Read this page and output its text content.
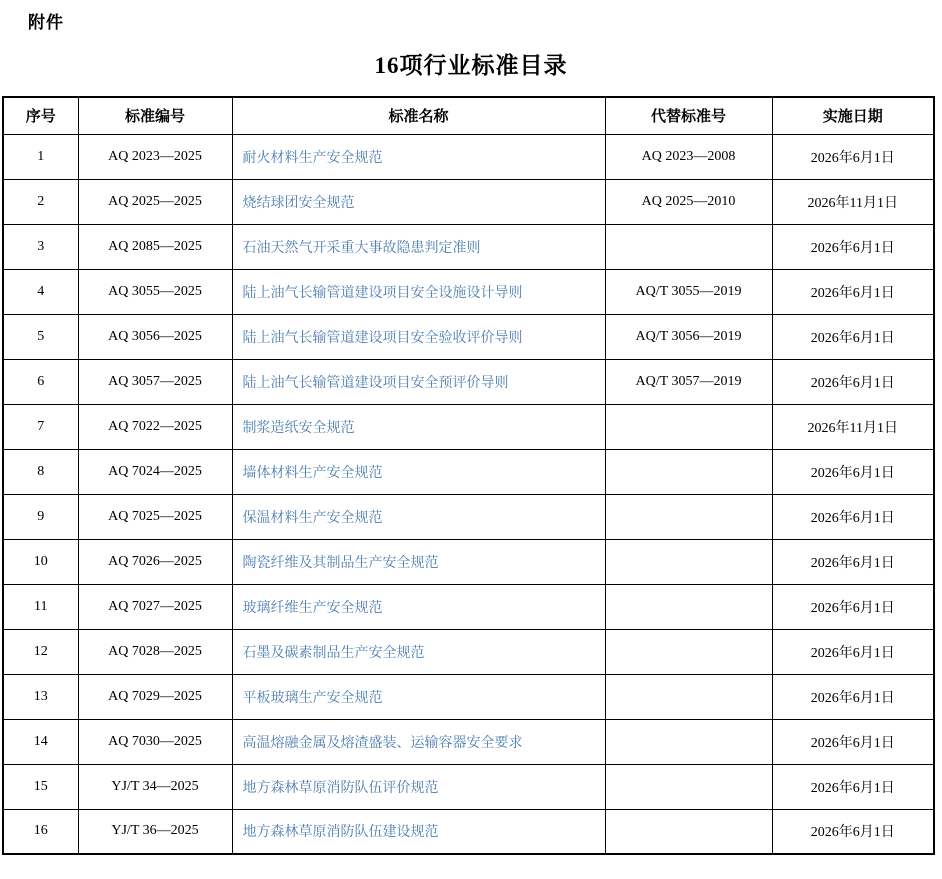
附件
16项行业标准目录
序号	标准编号	标准名称	代替标准号	实施日期
1	AQ 2023—2025	耐火材料生产安全规范	AQ 2023—2008	2026年6月1日
2	AQ 2025—2025	烧结球团安全规范	AQ 2025—2010	2026年11月1日
3	AQ 2085—2025	石油天然气开采重大事故隐患判定准则		2026年6月1日
4	AQ 3055—2025	陆上油气长输管道建设项目安全设施设计导则	AQ/T 3055—2019	2026年6月1日
5	AQ 3056—2025	陆上油气长输管道建设项目安全验收评价导则	AQ/T 3056—2019	2026年6月1日
6	AQ 3057—2025	陆上油气长输管道建设项目安全预评价导则	AQ/T 3057—2019	2026年6月1日
7	AQ 7022—2025	制浆造纸安全规范		2026年11月1日
8	AQ 7024—2025	墙体材料生产安全规范		2026年6月1日
9	AQ 7025—2025	保温材料生产安全规范		2026年6月1日
10	AQ 7026—2025	陶瓷纤维及其制品生产安全规范		2026年6月1日
11	AQ 7027—2025	玻璃纤维生产安全规范		2026年6月1日
12	AQ 7028—2025	石墨及碳素制品生产安全规范		2026年6月1日
13	AQ 7029—2025	平板玻璃生产安全规范		2026年6月1日
14	AQ 7030—2025	高温熔融金属及熔渣盛装、运输容器安全要求		2026年6月1日
15	YJ/T 34—2025	地方森林草原消防队伍评价规范		2026年6月1日
16	YJ/T 36—2025	地方森林草原消防队伍建设规范		2026年6月1日
